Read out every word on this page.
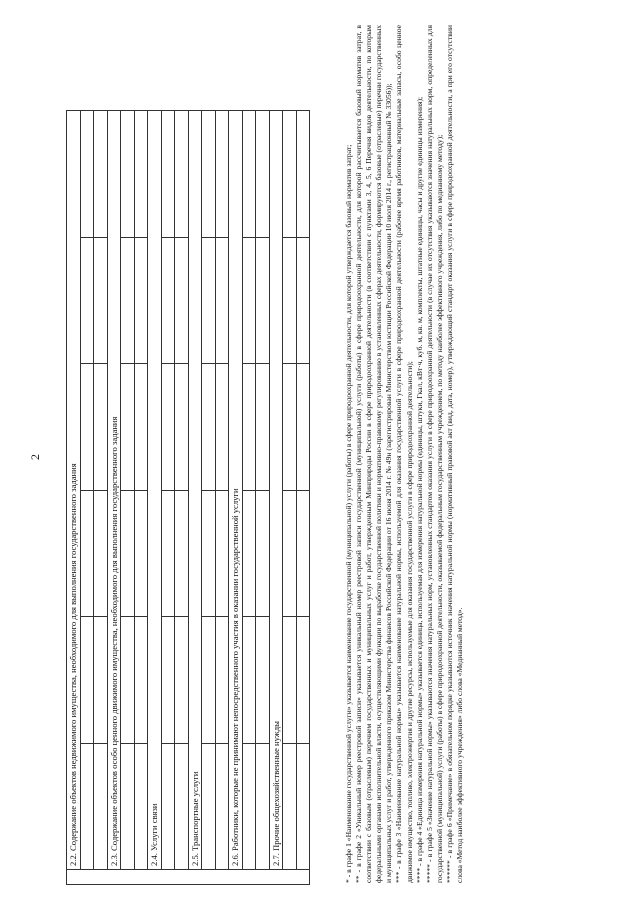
2
	2.2. Содержание объектов недвижимого имущества, необходимого для выполнения государственного задания					

	2.3. Содержание объектов особо ценного движимого имущества, необходимого для выполнения государственного задания					

	2.4. Услуги связи					

	2.5. Транспортные услуги					

	2.6. Работники, которые не принимают непосредственного участия в оказании государственной услуги					

	2.7. Прочие общехозяйственные нужды					

						* - в графе 1 «Наименование государственной услуги» указывается наименование государственной (муниципальной) услуги (работы) в сфере природоохранной деятельности, для которой утверждается базовый норматив затрат; ** - в графе 2 «Уникальный номер реестровой записи» указывается уникальный номер реестровой записи государственной (муниципальной) услуги (работы) в сфере природоохранной деятельности, для которой рассчитывается базовый норматив затрат, в соответствии с базовым (отраслевым) перечнем государственных и муниципальных услуг и работ, утвержденным Минприроды России в сфере природоохранной деятельности (в соответствии с пунктами 3, 4, 5, 6 Перечня видов деятельности, по которым федеральными органами исполнительной власти, осуществляющими функции по выработке государственной политики и нормативно-правовому регулированию в установленных сферах деятельности, формируются базовые (отраслевые) перечни государственных и муниципальных услуг и работ, утвержденного приказом Министерства финансов Российской Федерации от 16 июня 2014 г. № 49н (зарегистрирован Министерством юстиции Российской Федерации 10 июля 2014 г., регистрационный № 33056)); *** - в графе 3 «Наименование натуральной нормы» указывается наименование натуральной нормы, используемой для оказания государственной услуги в сфере природоохранной деятельности (рабочее время работников, материальные запасы, особо ценное движимое имущество, топливо, электроэнергия и другие ресурсы, используемые для оказания государственной услуги в сфере природоохранной деятельности); **** - в графе 4 «Единица измерения натуральной нормы» указывается единица, используемая для измерения натуральной нормы (единицы, штуки, Гкал, кВт·ч, куб. м, кв. м, комплекты, штатные единицы, часы и другие единицы измерения); ***** - в графе 5 «Значение натуральной нормы» указываются значения натуральных норм, установленных стандартом оказания услуги в сфере природоохранной деятельности (в случае их отсутствия указываются значения натуральных норм, определенных для государственной (муниципальной) услуги (работы) в сфере природоохранной деятельности, оказываемой федеральным государственным учреждением, по методу наиболее эффективного учреждения, либо по медианному методу); ****** - в графе 6 «Примечание» в обязательном порядке указываются источник значения натуральной нормы (нормативный правовой акт (вид, дата, номер), утверждающий стандарт оказания услуги в сфере природоохранной деятельности, а при его отсутствии слова «Метод наиболее эффективного учреждения» либо слова «Медианный метод».
